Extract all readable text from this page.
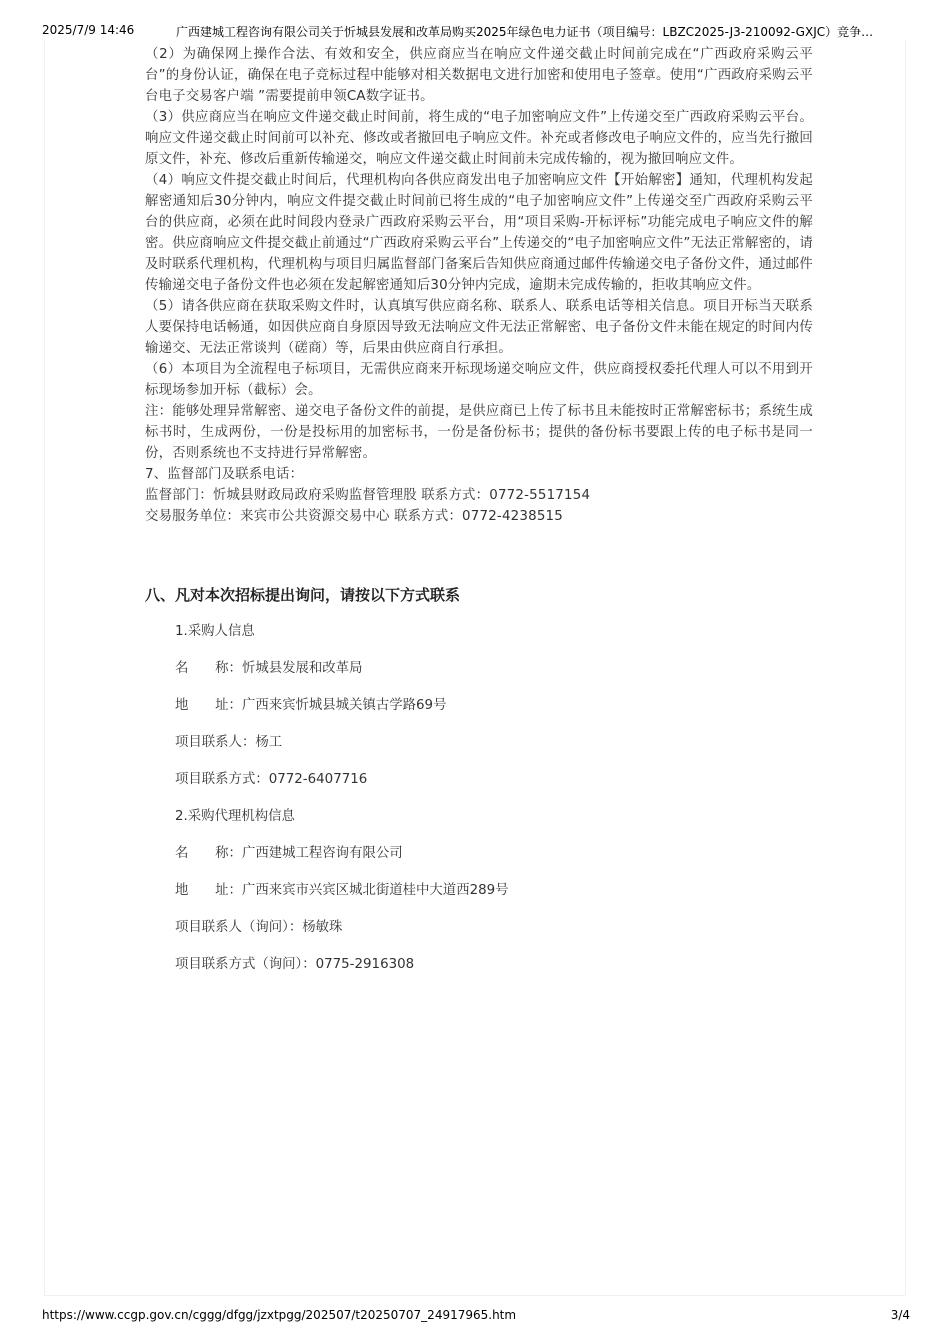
2025/7/9 14:46	广西建城工程咨询有限公司关于忻城县发展和改革局购买2025年绿色电力证书（项目编号：LBZC2025-J3-210092-GXJC）竞争…

（2）为确保网上操作合法、有效和安全，供应商应当在响应文件递交截止时间前完成在“广西政府采购云平台”的身份认证，确保在电子竞标过程中能够对相关数据电文进行加密和使用电子签章。使用“广西政府采购云平台电子交易客户端 ”需要提前申领CA数字证书。

（3）供应商应当在响应文件递交截止时间前，将生成的“电子加密响应文件”上传递交至广西政府采购云平台。响应文件递交截止时间前可以补充、修改或者撤回电子响应文件。补充或者修改电子响应文件的，应当先行撤回原文件，补充、修改后重新传输递交，响应文件递交截止时间前未完成传输的，视为撤回响应文件。

（4）响应文件提交截止时间后，代理机构向各供应商发出电子加密响应文件【开始解密】通知，代理机构发起解密通知后30分钟内，响应文件提交截止时间前已将生成的“电子加密响应文件”上传递交至广西政府采购云平台的供应商，必须在此时间段内登录广西政府采购云平台，用“项目采购-开标评标”功能完成电子响应文件的解密。供应商响应文件提交截止前通过“广西政府采购云平台”上传递交的“电子加密响应文件”无法正常解密的，请及时联系代理机构，代理机构与项目归属监督部门备案后告知供应商通过邮件传输递交电子备份文件，通过邮件传输递交电子备份文件也必须在发起解密通知后30分钟内完成，逾期未完成传输的，拒收其响应文件。

（5）请各供应商在获取采购文件时，认真填写供应商名称、联系人、联系电话等相关信息。项目开标当天联系人要保持电话畅通，如因供应商自身原因导致无法响应文件无法正常解密、电子备份文件未能在规定的时间内传输递交、无法正常谈判（磋商）等，后果由供应商自行承担。

（6）本项目为全流程电子标项目，无需供应商来开标现场递交响应文件，供应商授权委托代理人可以不用到开标现场参加开标（截标）会。

注：能够处理异常解密、递交电子备份文件的前提，是供应商已上传了标书且未能按时正常解密标书；系统生成标书时，生成两份，一份是投标用的加密标书，一份是备份标书；提供的备份标书要跟上传的电子标书是同一份，否则系统也不支持进行异常解密。

7、监督部门及联系电话：

监督部门：忻城县财政局政府采购监督管理股 联系方式：0772-5517154

交易服务单位：来宾市公共资源交易中心 联系方式：0772-4238515

八、凡对本次招标提出询问，请按以下方式联系
1.采购人信息
名　　称：忻城县发展和改革局
地　　址：广西来宾忻城县城关镇古学路69号
项目联系人：杨工
项目联系方式：0772-6407716
2.采购代理机构信息
名　　称：广西建城工程咨询有限公司
地　　址：广西来宾市兴宾区城北街道桂中大道西289号
项目联系人（询问）：杨敏珠
项目联系方式（询问）：0775-2916308
https://www.ccgp.gov.cn/cggg/dfgg/jzxtpgg/202507/t20250707_24917965.htm	3/4
